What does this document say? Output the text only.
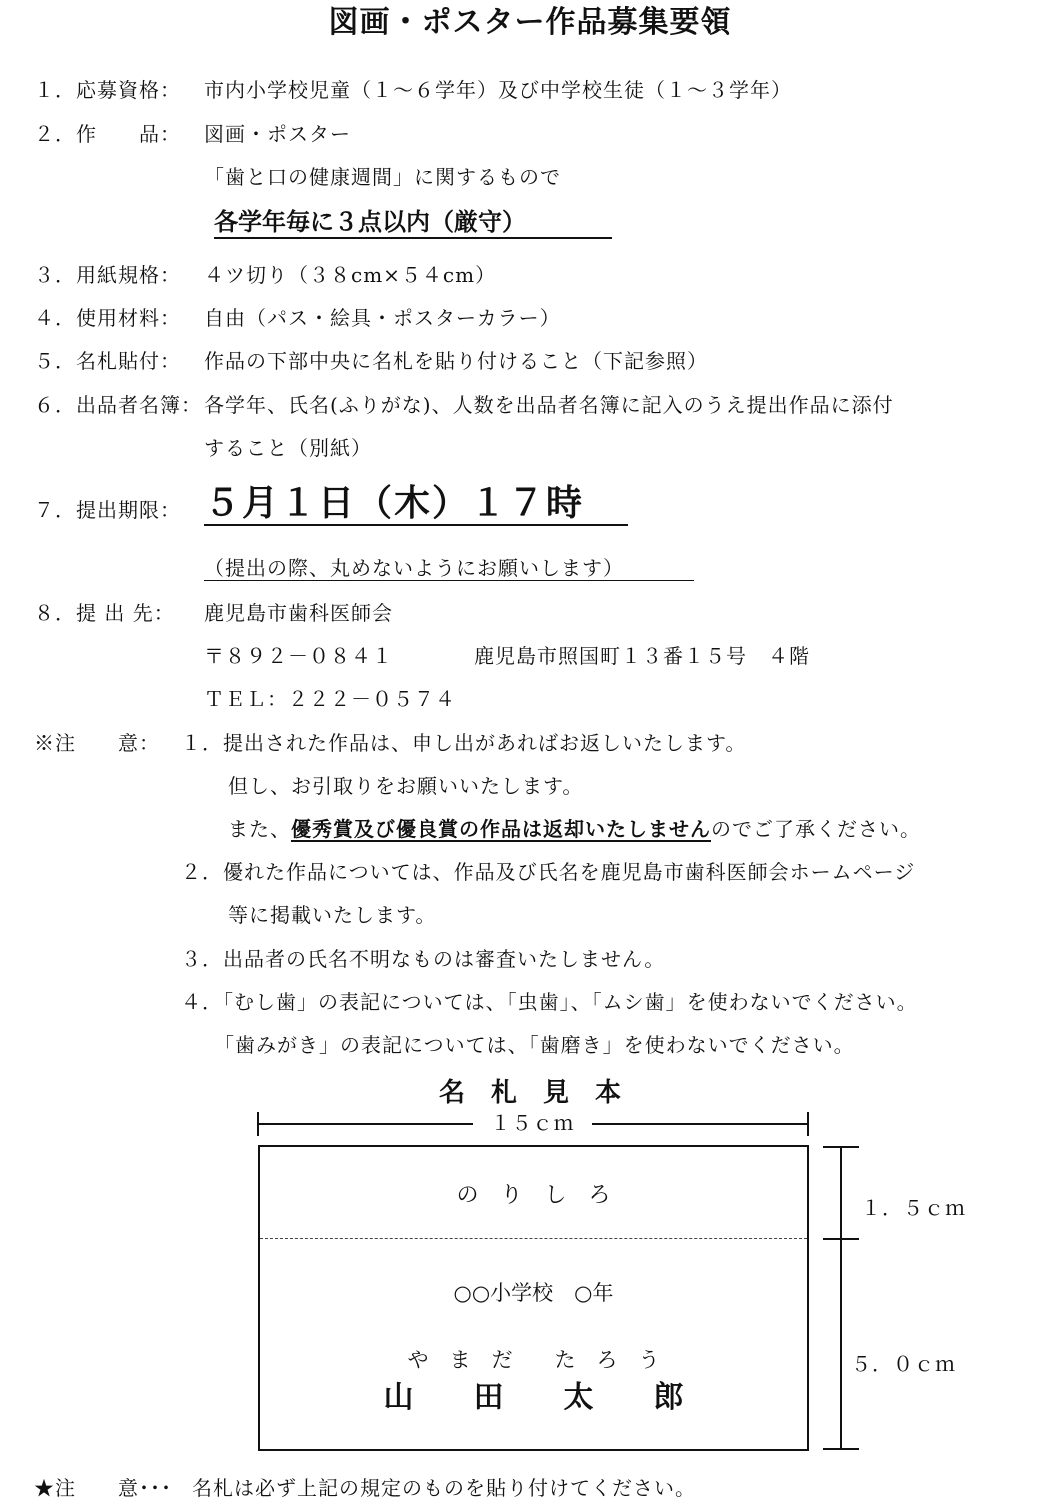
図画・ポスター作品募集要領
１．応募資格： 市内小学校児童（１～６学年）及び中学校生徒（１～３学年）
２．作　　品： 図画・ポスター
「歯と口の健康週間」に関するもので
各学年毎に３点以内（厳守）
３．用紙規格： ４ツ切り（３８cm×５４cm）
４．使用材料： 自由（パス・絵具・ポスターカラー）
５．名札貼付： 作品の下部中央に名札を貼り付けること（下記参照）
６．出品者名簿： 各学年、氏名(ふりがな)、人数を出品者名簿に記入のうえ提出作品に添付
すること（別紙）
７．提出期限： ５月１日（木）１７時
（提出の際、丸めないようにお願いします）
８．提 出 先： 鹿児島市歯科医師会
〒８９２－０８４１	鹿児島市照国町１３番１５号　４階
ＴＥＬ：２２２－０５７４
※注　　意： １．提出された作品は、申し出があればお返しいたします。
但し、お引取りをお願いいたします。
また、優秀賞及び優良賞の作品は返却いたしませんのでご了承ください。
２．優れた作品については、作品及び氏名を鹿児島市歯科医師会ホームページ
等に掲載いたします。
３．出品者の氏名不明なものは審査いたしません。
４．「むし歯」の表記については、「虫歯」、「ムシ歯」を使わないでください。
「歯みがき」の表記については、「歯磨き」を使わないでください。
名　札　見　本
１５ｃｍ
の　り　し　ろ
○○小学校　○年
や　ま　だ　　た　ろ　う
山　　田　　太　　郎
１．５ｃｍ
５．０ｃｍ
★注　　意･･･ 名札は必ず上記の規定のものを貼り付けてください。
